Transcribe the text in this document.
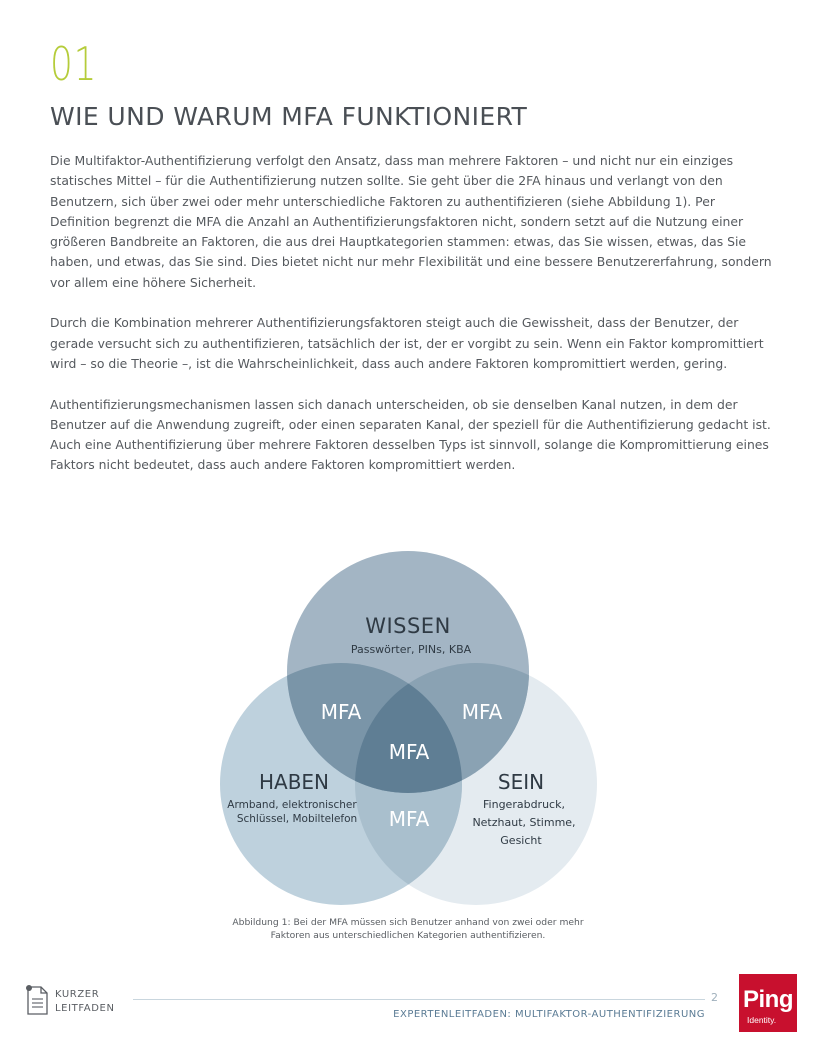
01
WIE UND WARUM MFA FUNKTIONIERT

Die Multifaktor-Authentifizierung verfolgt den Ansatz, dass man mehrere Faktoren – und nicht nur ein einziges statisches Mittel – für die Authentifizierung nutzen sollte. Sie geht über die 2FA hinaus und verlangt von den Benutzern, sich über zwei oder mehr unterschiedliche Faktoren zu authentifizieren (siehe Abbildung 1). Per Definition begrenzt die MFA die Anzahl an Authentifizierungsfaktoren nicht, sondern setzt auf die Nutzung einer größeren Bandbreite an Faktoren, die aus drei Hauptkategorien stammen: etwas, das Sie wissen, etwas, das Sie haben, und etwas, das Sie sind. Dies bietet nicht nur mehr Flexibilität und eine bessere Benutzererfahrung, sondern vor allem eine höhere Sicherheit.

Durch die Kombination mehrerer Authentifizierungsfaktoren steigt auch die Gewissheit, dass der Benutzer, der gerade versucht sich zu authentifizieren, tatsächlich der ist, der er vorgibt zu sein. Wenn ein Faktor kompromittiert wird – so die Theorie –, ist die Wahrscheinlichkeit, dass auch andere Faktoren kompromittiert werden, gering.

Authentifizierungsmechanismen lassen sich danach unterscheiden, ob sie denselben Kanal nutzen, in dem der Benutzer auf die Anwendung zugreift, oder einen separaten Kanal, der speziell für die Authentifizierung gedacht ist. Auch eine Authentifizierung über mehrere Faktoren desselben Typs ist sinnvoll, solange die Kompromittierung eines Faktors nicht bedeutet, dass auch andere Faktoren kompromittiert werden.

WISSEN
Passwörter, PINs, KBA
MFA	MFA
MFA
MFA
HABEN
Armband, elektronischer
Schlüssel, Mobiltelefon
SEIN
Fingerabdruck,
Netzhaut, Stimme,
Gesicht
Abbildung 1: Bei der MFA müssen sich Benutzer anhand von zwei oder mehr Faktoren aus unterschiedlichen Kategorien authentifizieren.
KURZER
LEITFADEN
2
EXPERTENLEITFADEN: MULTIFAKTOR-AUTHENTIFIZIERUNG
Ping
Identity.
